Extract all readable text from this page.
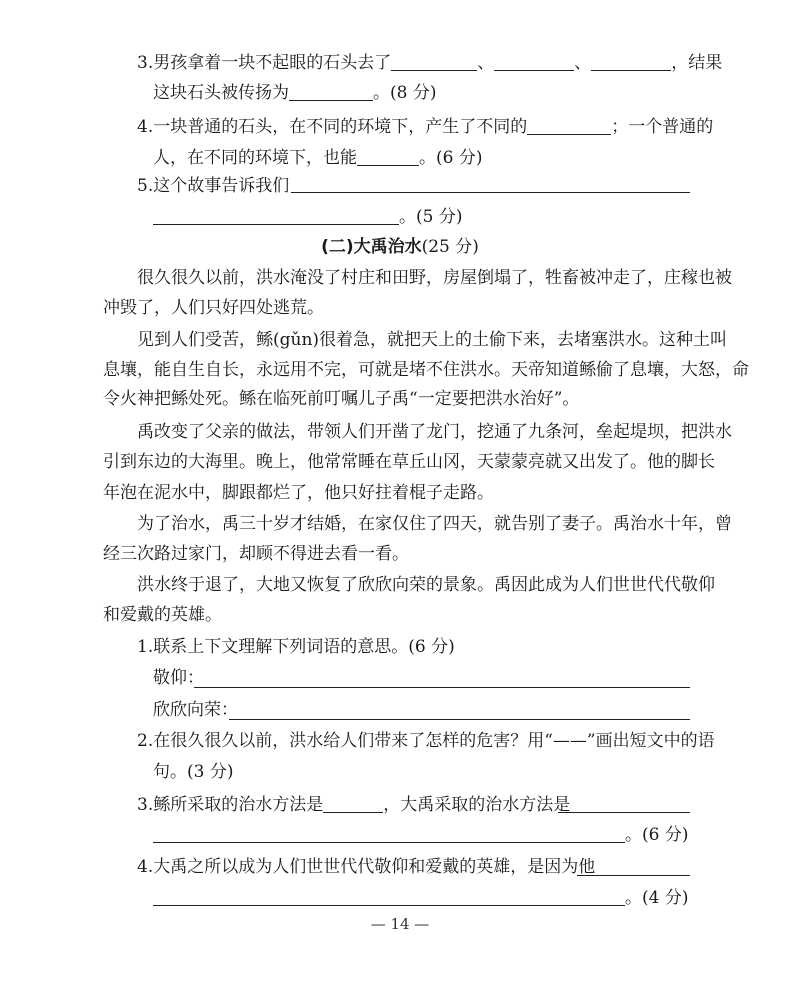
3.男孩拿着一块不起眼的石头去了	、	、	，结果
这块石头被传扬为	。(8 分)
4.一块普通的石头，在不同的环境下，产生了不同的	；一个普通的
人，在不同的环境下，也能	。(6 分)
5.这个故事告诉我们
。(5 分)
(二)大禹治水(25 分)
很久很久以前，洪水淹没了村庄和田野，房屋倒塌了，牲畜被冲走了，庄稼也被
冲毁了，人们只好四处逃荒。
见到人们受苦，鲧(gǔn)很着急，就把天上的土偷下来，去堵塞洪水。这种土叫
息壤，能自生自长，永远用不完，可就是堵不住洪水。天帝知道鲧偷了息壤，大怒，命
令火神把鲧处死。鲧在临死前叮嘱儿子禹“一定要把洪水治好”。
禹改变了父亲的做法，带领人们开凿了龙门，挖通了九条河，垒起堤坝，把洪水
引到东边的大海里。晚上，他常常睡在草丘山冈，天蒙蒙亮就又出发了。他的脚长
年泡在泥水中，脚跟都烂了，他只好拄着棍子走路。
为了治水，禹三十岁才结婚，在家仅住了四天，就告别了妻子。禹治水十年，曾
经三次路过家门，却顾不得进去看一看。
洪水终于退了，大地又恢复了欣欣向荣的景象。禹因此成为人们世世代代敬仰
和爱戴的英雄。
1.联系上下文理解下列词语的意思。(6 分)
敬仰：
欣欣向荣：
2.在很久很久以前，洪水给人们带来了怎样的危害？用“——”画出短文中的语
句。(3 分)
3.鲧所采取的治水方法是	，大禹采取的治水方法是
。(6 分)
4.大禹之所以成为人们世世代代敬仰和爱戴的英雄，是因为他
。(4 分)
— 14 —
